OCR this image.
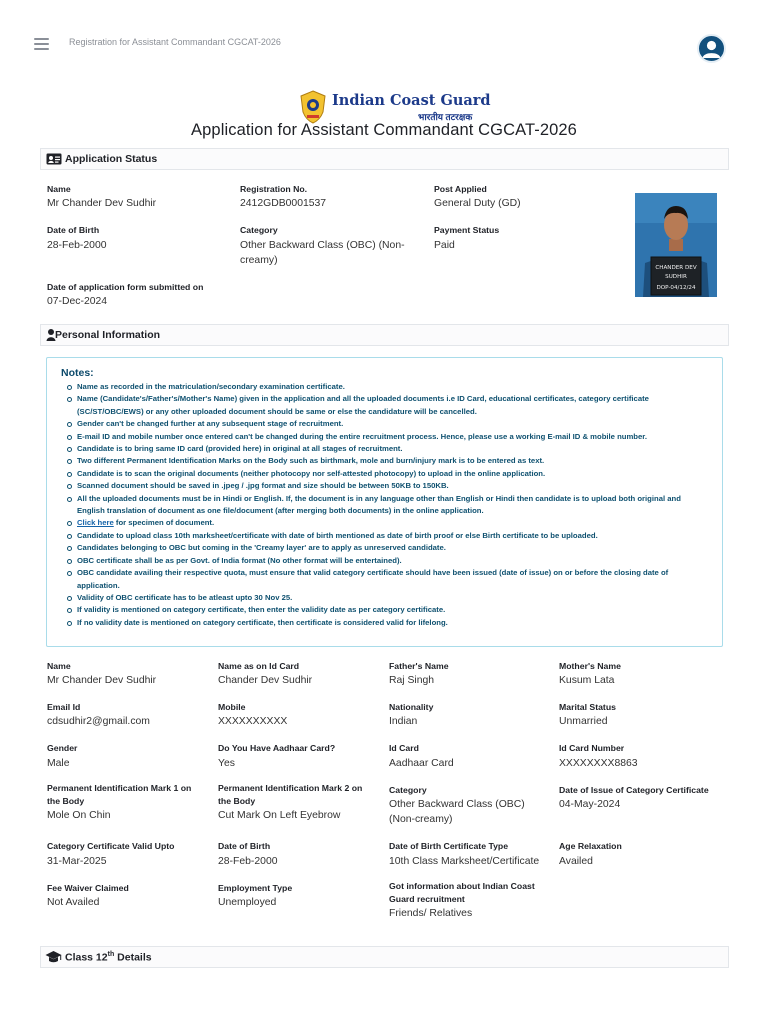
Registration for Assistant Commandant CGCAT-2026
Indian Coast Guard
भारतीय तटरक्षक
Application for Assistant Commandant CGCAT-2026
Application Status
Name
Mr Chander Dev Sudhir
Registration No.
2412GDB0001537
Post Applied
General Duty (GD)
Date of Birth
28-Feb-2000
Category
Other Backward Class (OBC) (Non-
creamy)
Payment Status
Paid
Date of application form submitted on
07-Dec-2024
CHANDER DEV
SUDHIR
DOP-04/12/24
Personal Information
Notes:
Name as recorded in the matriculation/secondary examination certificate.
Name (Candidate's/Father's/Mother's Name) given in the application and all the uploaded documents i.e ID Card, educational certificates, category certificate (SC/ST/OBC/EWS) or any other uploaded document should be same or else the candidature will be cancelled.
Gender can't be changed further at any subsequent stage of recruitment.
E-mail ID and mobile number once entered can't be changed during the entire recruitment process. Hence, please use a working E-mail ID & mobile number.
Candidate is to bring same ID card (provided here) in original at all stages of recruitment.
Two different Permanent Identification Marks on the Body such as birthmark, mole and burn/injury mark is to be entered as text.
Candidate is to scan the original documents (neither photocopy nor self-attested photocopy) to upload in the online application.
Scanned document should be saved in .jpeg / .jpg format and size should be between 50KB to 150KB.
All the uploaded documents must be in Hindi or English. If, the document is in any language other than English or Hindi then candidate is to upload both original and English translation of document as one file/document (after merging both documents) in the online application.
Click here for specimen of document.
Candidate to upload class 10th marksheet/certificate with date of birth mentioned as date of birth proof or else Birth certificate to be uploaded.
Candidates belonging to OBC but coming in the 'Creamy layer' are to apply as unreserved candidate.
OBC certificate shall be as per Govt. of India format (No other format will be entertained).
OBC candidate availing their respective quota, must ensure that valid category certificate should have been issued (date of issue) on or before the closing date of application.
Validity of OBC certificate has to be atleast upto 30 Nov 25.
If validity is mentioned on category certificate, then enter the validity date as per category certificate.
If no validity date is mentioned on category certificate, then certificate is considered valid for lifelong.
Name
Mr Chander Dev Sudhir
Name as on Id Card
Chander Dev Sudhir
Father's Name
Raj Singh
Mother's Name
Kusum Lata
Email Id
cdsudhir2@gmail.com
Mobile
XXXXXXXXXX
Nationality
Indian
Marital Status
Unmarried
Gender
Male
Do You Have Aadhaar Card?
Yes
Id Card
Aadhaar Card
Id Card Number
XXXXXXXX8863
Permanent Identification Mark 1 on
the Body
Mole On Chin
Permanent Identification Mark 2 on
the Body
Cut Mark On Left Eyebrow
Category
Other Backward Class (OBC)
(Non-creamy)
Date of Issue of Category Certificate
04-May-2024
Category Certificate Valid Upto
31-Mar-2025
Date of Birth
28-Feb-2000
Date of Birth Certificate Type
10th Class Marksheet/Certificate
Age Relaxation
Availed
Fee Waiver Claimed
Not Availed
Employment Type
Unemployed
Got information about Indian Coast
Guard recruitment
Friends/ Relatives
Class 12th Details
